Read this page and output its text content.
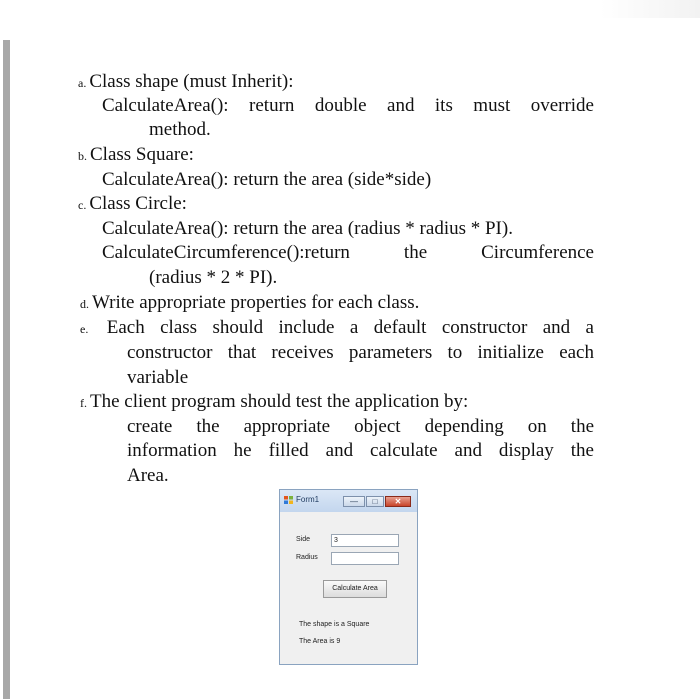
a. Class shape (must Inherit):
CalculateArea(): return double and its must override
method.
b. Class Square:
CalculateArea(): return the area (side*side)
c. Class Circle:
CalculateArea(): return the area (radius * radius * PI).
CalculateCircumference():return the Circumference
(radius * 2 * PI).
d. Write appropriate properties for each class.
e. Each class should include a default constructor and a
constructor that receives parameters to initialize each
variable
f. The client program should test the application by:
create the appropriate object depending on the
information he filled and calculate and display the
Area.
Form1	—	□	✕
Side	3
Radius
Calculate Area
The shape is a Square
The Area is 9
